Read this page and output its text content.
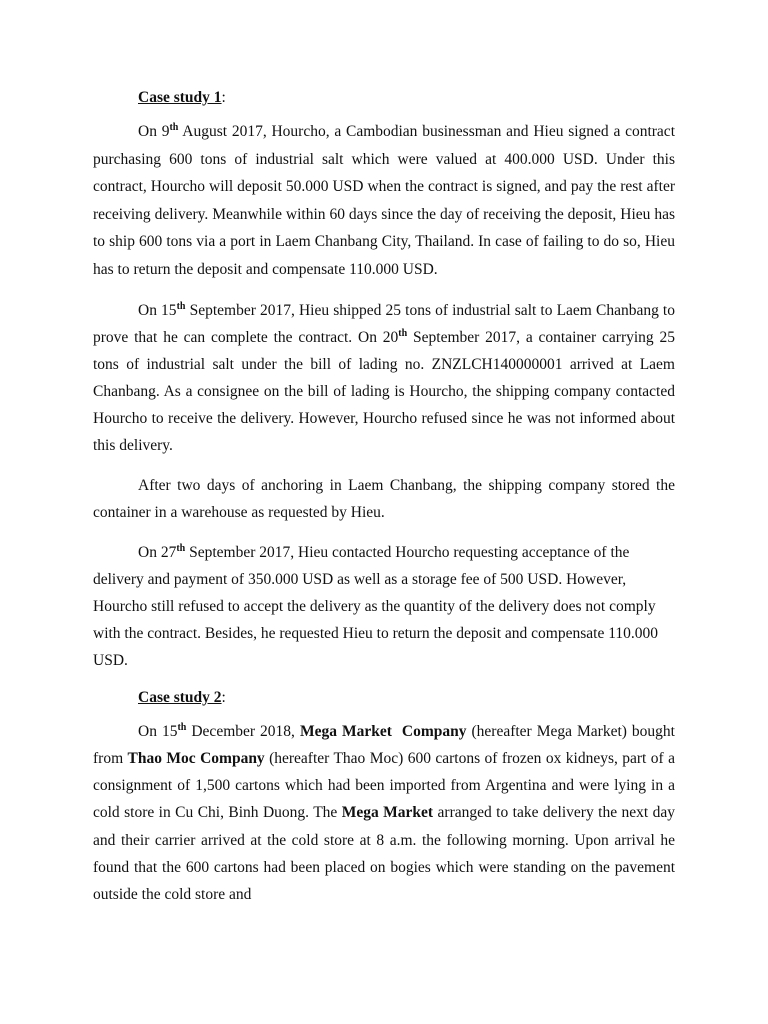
Case study 1:

On 9th August 2017, Hourcho, a Cambodian businessman and Hieu signed a contract purchasing 600 tons of industrial salt which were valued at 400.000 USD. Under this contract, Hourcho will deposit 50.000 USD when the contract is signed, and pay the rest after receiving delivery. Meanwhile within 60 days since the day of receiving the deposit, Hieu has to ship 600 tons via a port in Laem Chanbang City, Thailand. In case of failing to do so, Hieu has to return the deposit and compensate 110.000 USD.

On 15th September 2017, Hieu shipped 25 tons of industrial salt to Laem Chanbang to prove that he can complete the contract. On 20th September 2017, a container carrying 25 tons of industrial salt under the bill of lading no. ZNZLCH140000001 arrived at Laem Chanbang. As a consignee on the bill of lading is Hourcho, the shipping company contacted Hourcho to receive the delivery. However, Hourcho refused since he was not informed about this delivery.

After two days of anchoring in Laem Chanbang, the shipping company stored the container in a warehouse as requested by Hieu.

On 27th September 2017, Hieu contacted Hourcho requesting acceptance of the delivery and payment of 350.000 USD as well as a storage fee of 500 USD. However, Hourcho still refused to accept the delivery as the quantity of the delivery does not comply with the contract. Besides, he requested Hieu to return the deposit and compensate 110.000 USD.

Case study 2:

On 15th December 2018, Mega Market  Company (hereafter Mega Market) bought from Thao Moc Company (hereafter Thao Moc) 600 cartons of frozen ox kidneys, part of a consignment of 1,500 cartons which had been imported from Argentina and were lying in a cold store in Cu Chi, Binh Duong. The Mega Market arranged to take delivery the next day and their carrier arrived at the cold store at 8 a.m. the following morning. Upon arrival he found that the 600 cartons had been placed on bogies which were standing on the pavement outside the cold store and
